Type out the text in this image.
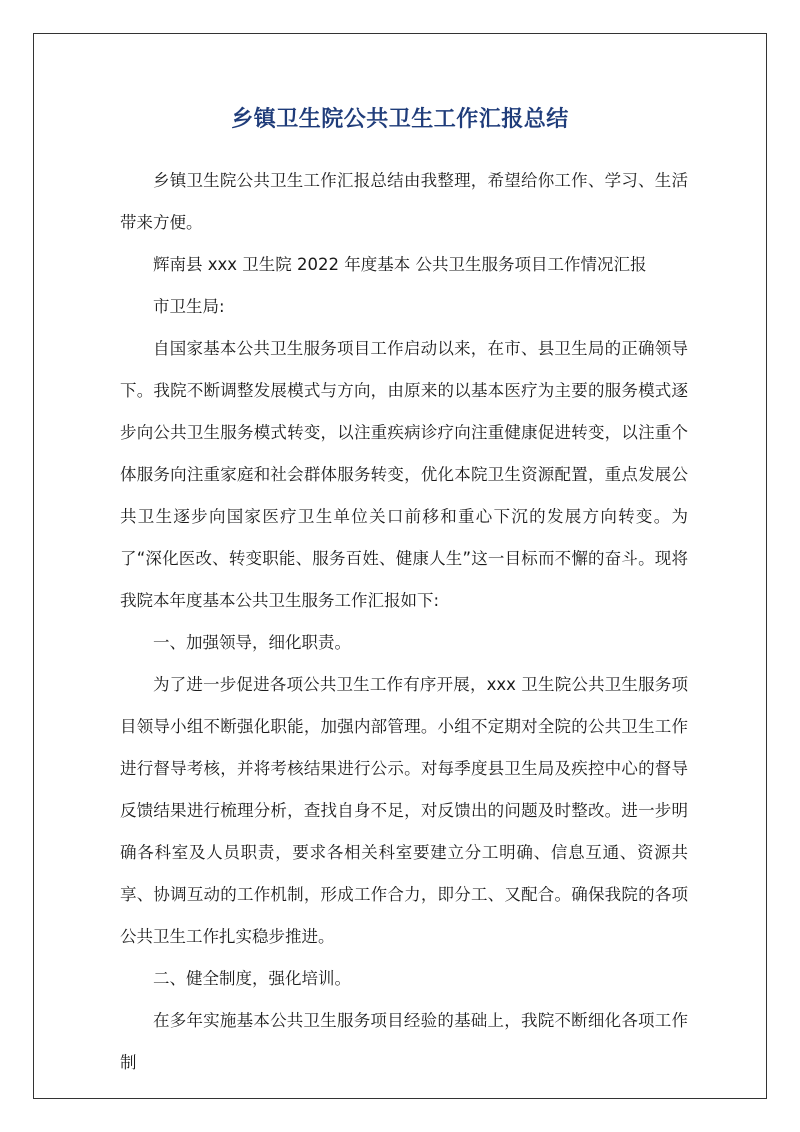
乡镇卫生院公共卫生工作汇报总结

乡镇卫生院公共卫生工作汇报总结由我整理，希望给你工作、学习、生活带来方便。

辉南县 xxx 卫生院 2022 年度基本 公共卫生服务项目工作情况汇报

市卫生局:

自国家基本公共卫生服务项目工作启动以来，在市、县卫生局的正确领导下。我院不断调整发展模式与方向，由原来的以基本医疗为主要的服务模式逐步向公共卫生服务模式转变，以注重疾病诊疗向注重健康促进转变，以注重个体服务向注重家庭和社会群体服务转变，优化本院卫生资源配置，重点发展公共卫生逐步向国家医疗卫生单位关口前移和重心下沉的发展方向转变。为了“深化医改、转变职能、服务百姓、健康人生”这一目标而不懈的奋斗。现将我院本年度基本公共卫生服务工作汇报如下:

一、加强领导，细化职责。

为了进一步促进各项公共卫生工作有序开展，xxx 卫生院公共卫生服务项目领导小组不断强化职能，加强内部管理。小组不定期对全院的公共卫生工作进行督导考核，并将考核结果进行公示。对每季度县卫生局及疾控中心的督导反馈结果进行梳理分析，查找自身不足，对反馈出的问题及时整改。进一步明确各科室及人员职责，要求各相关科室要建立分工明确、信息互通、资源共享、协调互动的工作机制，形成工作合力，即分工、又配合。确保我院的各项公共卫生工作扎实稳步推进。

二、健全制度，强化培训。

在多年实施基本公共卫生服务项目经验的基础上，我院不断细化各项工作制
